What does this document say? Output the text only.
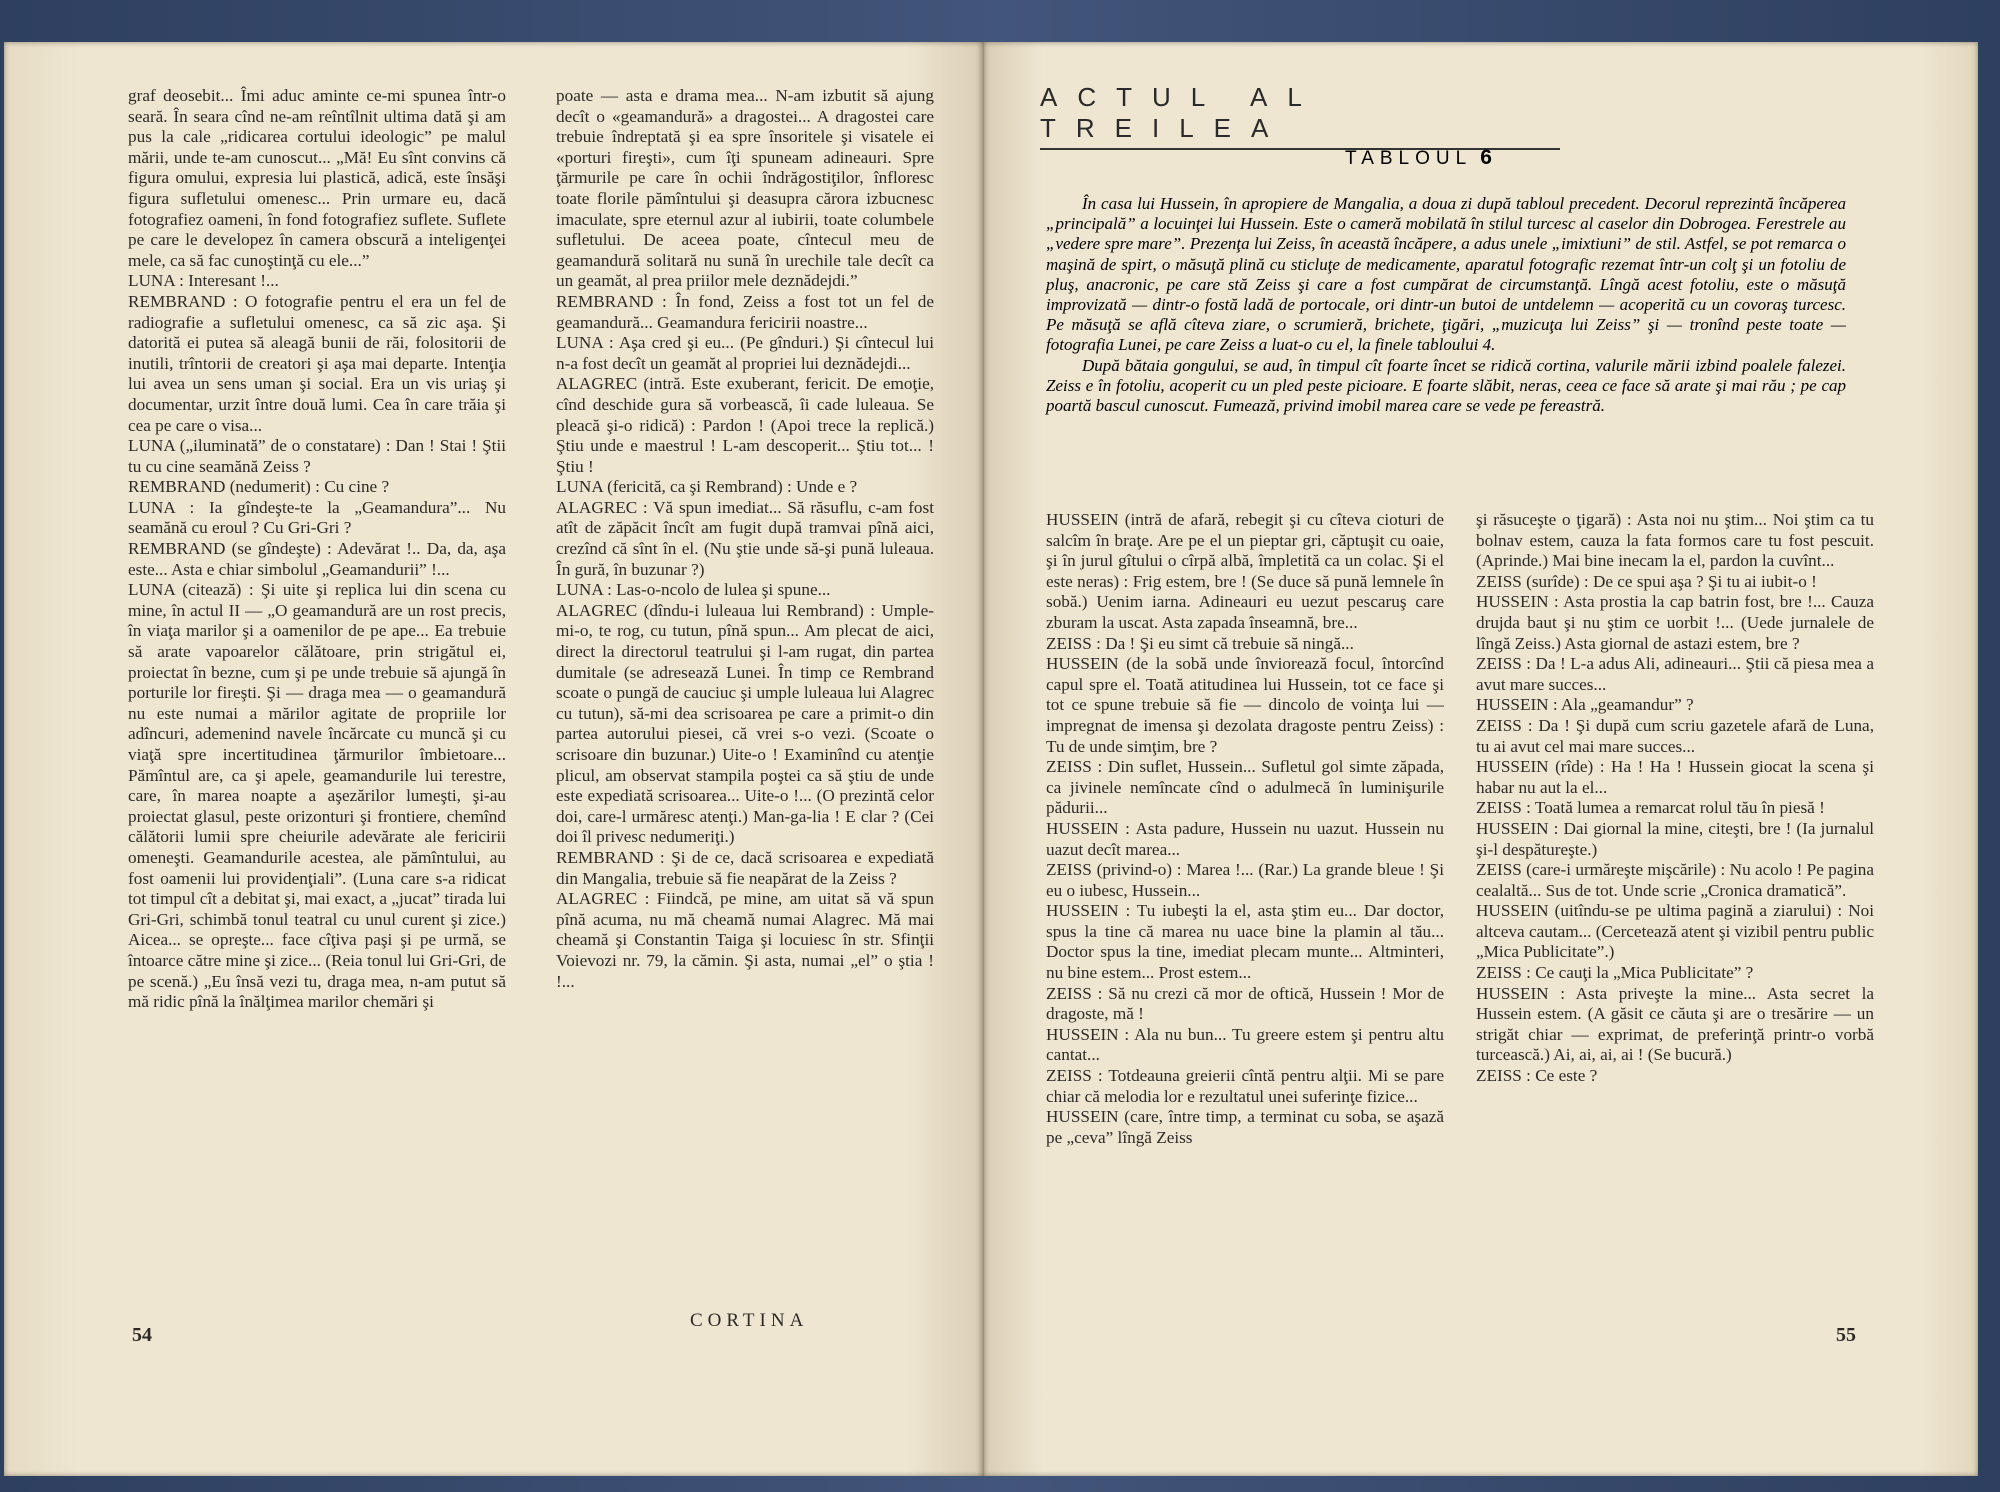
graf deosebit... Îmi aduc aminte ce-mi spunea într-o seară. În seara cînd ne-am reîntîlnit ultima dată şi am pus la cale „ridicarea cortului ideologic” pe malul mării, unde te-am cunoscut... „Mă! Eu sînt convins că figura omului, expresia lui plastică, adică, este însăşi figura sufletului omenesc... Prin urmare eu, dacă fotografiez oameni, în fond fotografiez suflete. Suflete pe care le developez în camera obscură a inteligenţei mele, ca să fac cunoştinţă cu ele...”

LUNA : Interesant !...

REMBRAND : O fotografie pentru el era un fel de radiografie a sufletului omenesc, ca să zic aşa. Şi datorită ei putea să aleagă bunii de răi, folositorii de inutili, trîntorii de creatori şi aşa mai departe. Intenţia lui avea un sens uman şi social. Era un vis uriaş şi documentar, urzit între două lumi. Cea în care trăia şi cea pe care o visa...

LUNA („iluminată” de o constatare) : Dan ! Stai ! Ştii tu cu cine seamănă Zeiss ?

REMBRAND (nedumerit) : Cu cine ?

LUNA : Ia gîndeşte-te la „Geamandura”... Nu seamănă cu eroul ? Cu Gri-Gri ?

REMBRAND (se gîndeşte) : Adevărat !.. Da, da, aşa este... Asta e chiar simbolul „Geamandurii” !...

LUNA (citează) : Şi uite şi replica lui din scena cu mine, în actul II — „O geamandură are un rost precis, în viaţa marilor şi a oamenilor de pe ape... Ea trebuie să arate vapoarelor călătoare, prin strigătul ei, proiectat în bezne, cum şi pe unde trebuie să ajungă în porturile lor fireşti. Şi — draga mea — o geamandură nu este numai a mărilor agitate de propriile lor adîncuri, ademenind navele încărcate cu muncă şi cu viaţă spre incertitudinea ţărmurilor îmbietoare... Pămîntul are, ca şi apele, geamandurile lui terestre, care, în marea noapte a aşezărilor lumeşti, şi-au proiectat glasul, peste orizonturi şi frontiere, chemînd călătorii lumii spre cheiurile adevărate ale fericirii omeneşti. Geamandurile acestea, ale pămîntului, au fost oamenii lui providenţiali”. (Luna care s-a ridicat tot timpul cît a debitat şi, mai exact, a „jucat” tirada lui Gri-Gri, schimbă tonul teatral cu unul curent şi zice.) Aicea... se opreşte... face cîţiva paşi şi pe urmă, se întoarce către mine şi zice... (Reia tonul lui Gri-Gri, de pe scenă.) „Eu însă vezi tu, draga mea, n-am putut să mă ridic pînă la înălţimea marilor chemări şi

poate — asta e drama mea... N-am izbutit să ajung decît o «geamandură» a dragostei... A dragostei care trebuie îndreptată şi ea spre însoritele şi visatele ei «porturi fireşti», cum îţi spuneam adineauri. Spre ţărmurile pe care în ochii îndrăgostiţilor, înfloresc toate florile pămîntului şi deasupra cărora izbucnesc imaculate, spre eternul azur al iubirii, toate columbele sufletului. De aceea poate, cîntecul meu de geamandură solitară nu sună în urechile tale decît ca un geamăt, al prea priilor mele deznădejdi.”

REMBRAND : În fond, Zeiss a fost tot un fel de geamandură... Geamandura fericirii noastre...

LUNA : Aşa cred şi eu... (Pe gînduri.) Şi cîntecul lui n-a fost decît un geamăt al propriei lui deznădejdi...

ALAGREC (intră. Este exuberant, fericit. De emoţie, cînd deschide gura să vorbească, îi cade luleaua. Se pleacă şi-o ridică) : Pardon ! (Apoi trece la replică.) Ştiu unde e maestrul ! L-am descoperit... Ştiu tot... ! Ştiu !

LUNA (fericită, ca şi Rembrand) : Unde e ?

ALAGREC : Vă spun imediat... Să răsuflu, c-am fost atît de zăpăcit încît am fugit după tramvai pînă aici, crezînd că sînt în el. (Nu ştie unde să-şi pună luleaua. În gură, în buzunar ?)

LUNA : Las-o-ncolo de lulea şi spune...

ALAGREC (dîndu-i luleaua lui Rembrand) : Umple-mi-o, te rog, cu tutun, pînă spun... Am plecat de aici, direct la directorul teatrului şi l-am rugat, din partea dumitale (se adresează Lunei. În timp ce Rembrand scoate o pungă de cauciuc şi umple luleaua lui Alagrec cu tutun), să-mi dea scrisoarea pe care a primit-o din partea autorului piesei, că vrei s-o vezi. (Scoate o scrisoare din buzunar.) Uite-o ! Examinînd cu atenţie plicul, am observat stampila poştei ca să ştiu de unde este expediată scrisoarea... Uite-o !... (O prezintă celor doi, care-l urmăresc atenţi.) Man-ga-lia ! E clar ? (Cei doi îl privesc nedumeriţi.)

REMBRAND : Şi de ce, dacă scrisoarea e expediată din Mangalia, trebuie să fie neapărat de la Zeiss ?

ALAGREC : Fiindcă, pe mine, am uitat să vă spun pînă acuma, nu mă cheamă numai Alagrec. Mă mai cheamă şi Constantin Taiga şi locuiesc în str. Sfinţii Voievozi nr. 79, la cămin. Şi asta, numai „el” o ştia ! !...

CORTINA
54

HUSSEIN (intră de afară, rebegit şi cu cîteva cioturi de salcîm în braţe. Are pe el un pieptar gri, căptuşit cu oaie, şi în jurul gîtului o cîrpă albă, împletită ca un colac. Şi el este neras) : Frig estem, bre ! (Se duce să pună lemnele în sobă.) Uenim iarna. Adineauri eu uezut pescaruş care zburam la uscat. Asta zapada înseamnă, bre...

ZEISS : Da ! Şi eu simt că trebuie să ningă...

HUSSEIN (de la sobă unde înviorează focul, întorcînd capul spre el. Toată atitudinea lui Hussein, tot ce face şi tot ce spune trebuie să fie — dincolo de voinţa lui — impregnat de imensa şi dezolata dragoste pentru Zeiss) : Tu de unde simţim, bre ?

ZEISS : Din suflet, Hussein... Sufletul gol simte zăpada, ca jivinele nemîncate cînd o adulmecă în luminişurile pădurii...

HUSSEIN : Asta padure, Hussein nu uazut. Hussein nu uazut decît marea...

ZEISS (privind-o) : Marea !... (Rar.) La grande bleue ! Şi eu o iubesc, Hussein...

HUSSEIN : Tu iubeşti la el, asta ştim eu... Dar doctor, spus la tine că marea nu uace bine la plamin al tău... Doctor spus la tine, imediat plecam munte... Altminteri, nu bine estem... Prost estem...

ZEISS : Să nu crezi că mor de oftică, Hussein ! Mor de dragoste, mă !

HUSSEIN : Ala nu bun... Tu greere estem şi pentru altu cantat...

ZEISS : Totdeauna greierii cîntă pentru alţii. Mi se pare chiar că melodia lor e rezultatul unei suferinţe fizice...

HUSSEIN (care, între timp, a terminat cu soba, se aşază pe „ceva” lîngă Zeiss

şi răsuceşte o ţigară) : Asta noi nu ştim... Noi ştim ca tu bolnav estem, cauza la fata formos care tu fost pescuit. (Aprinde.) Mai bine inecam la el, pardon la cuvînt...

ZEISS (surîde) : De ce spui aşa ? Şi tu ai iubit-o !

HUSSEIN : Asta prostia la cap batrin fost, bre !... Cauza drujda baut şi nu ştim ce uorbit !... (Uede jurnalele de lîngă Zeiss.) Asta giornal de astazi estem, bre ?

ZEISS : Da ! L-a adus Ali, adineauri... Ştii că piesa mea a avut mare succes...

HUSSEIN : Ala „geamandur” ?

ZEISS : Da ! Şi după cum scriu gazetele afară de Luna, tu ai avut cel mai mare succes...

HUSSEIN (rîde) : Ha ! Ha ! Hussein giocat la scena şi habar nu aut la el...

ZEISS : Toată lumea a remarcat rolul tău în piesă !

HUSSEIN : Dai giornal la mine, citeşti, bre ! (Ia jurnalul şi-l despătureşte.)

ZEISS (care-i urmăreşte mişcările) : Nu acolo ! Pe pagina cealaltă... Sus de tot. Unde scrie „Cronica dramatică”.

HUSSEIN (uitîndu-se pe ultima pagină a ziarului) : Noi altceva cautam... (Cercetează atent şi vizibil pentru public „Mica Publicitate”.)

ZEISS : Ce cauţi la „Mica Publicitate” ?

HUSSEIN : Asta priveşte la mine... Asta secret la Hussein estem. (A găsit ce căuta şi are o tresărire — un strigăt chiar — exprimat, de preferinţă printr-o vorbă turcească.) Ai, ai, ai, ai ! (Se bucură.)

ZEISS : Ce este ?

55
ACTUL AL TREILEA
TABLOUL 6

În casa lui Hussein, în apropiere de Mangalia, a doua zi după tabloul precedent. Decorul reprezintă încăperea „principală” a locuinţei lui Hussein. Este o cameră mobilată în stilul turcesc al caselor din Dobrogea. Ferestrele au „vedere spre mare”. Prezenţa lui Zeiss, în această încăpere, a adus unele „imixtiuni” de stil. Astfel, se pot remarca o maşină de spirt, o măsuţă plină cu sticluţe de medicamente, aparatul fotografic rezemat într-un colţ şi un fotoliu de pluş, anacronic, pe care stă Zeiss şi care a fost cumpărat de circumstanţă. Lîngă acest fotoliu, este o măsuţă improvizată — dintr-o fostă ladă de portocale, ori dintr-un butoi de untdelemn — acoperită cu un covoraş turcesc. Pe măsuţă se află cîteva ziare, o scrumieră, brichete, ţigări, „muzicuţa lui Zeiss” şi — tronînd peste toate — fotografia Lunei, pe care Zeiss a luat-o cu el, la finele tabloului 4.

După bătaia gongului, se aud, în timpul cît foarte încet se ridică cortina, valurile mării izbind poalele falezei. Zeiss e în fotoliu, acoperit cu un pled peste picioare. E foarte slăbit, neras, ceea ce face să arate şi mai rău ; pe cap poartă bascul cunoscut. Fumează, privind imobil marea care se vede pe fereastră.
